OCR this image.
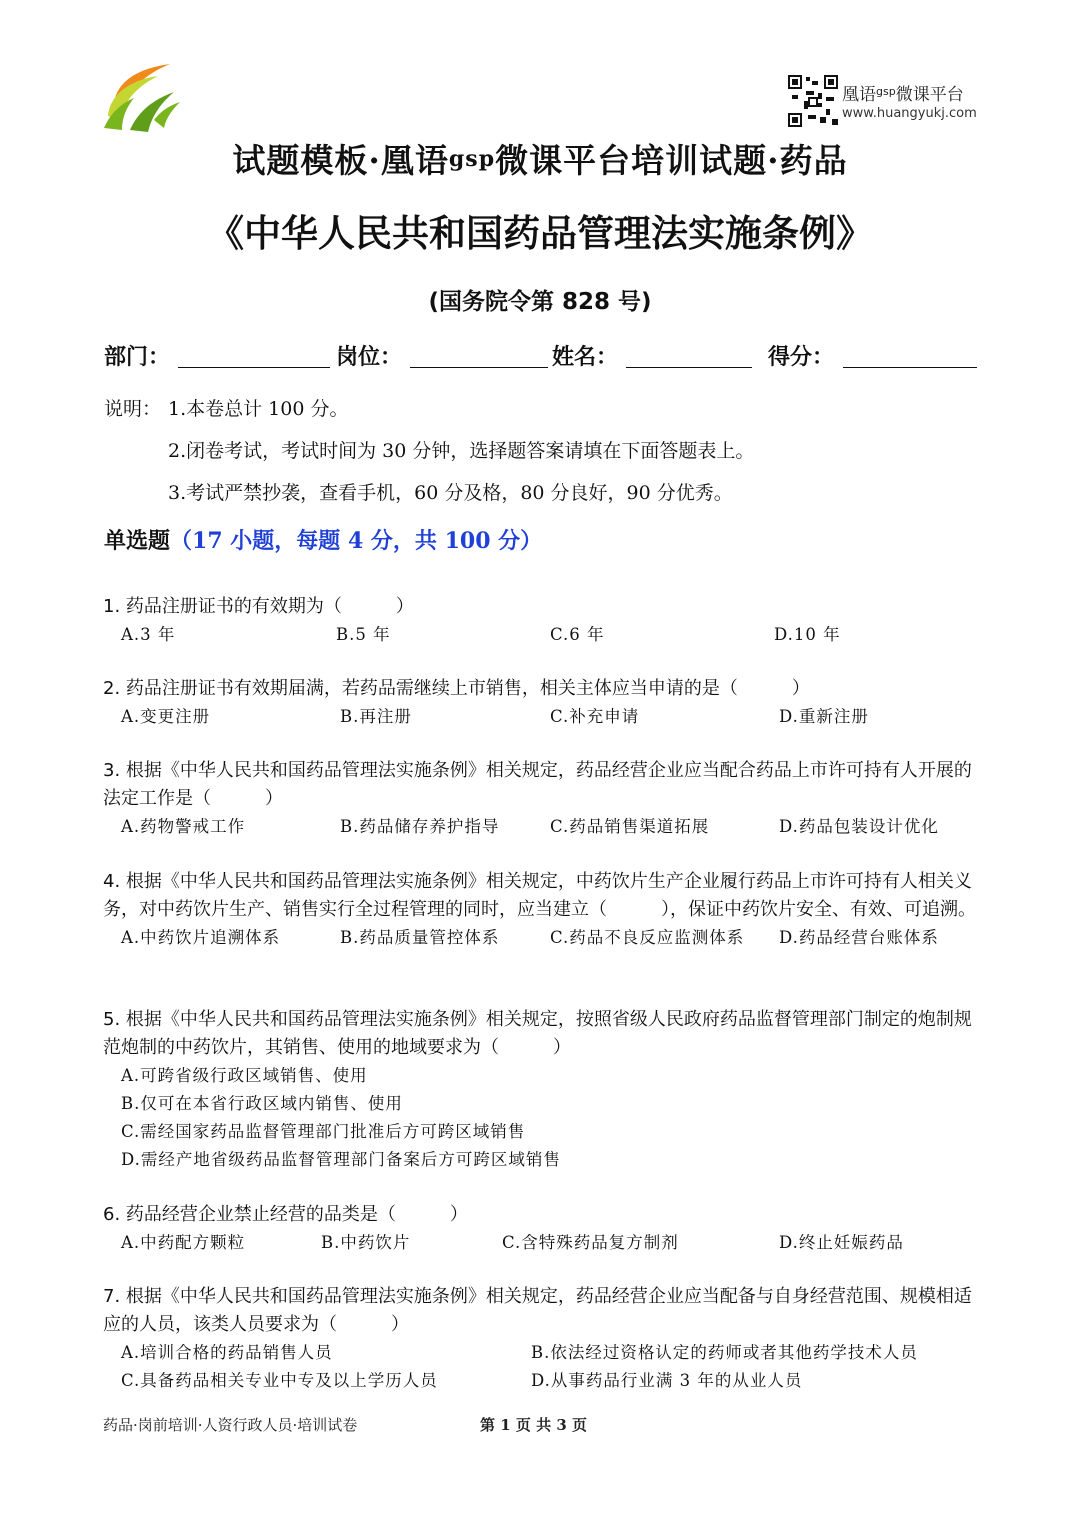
凰语$^{gsp}$微课平台
www.huangyukj.com
试题模板·凰语gsp微课平台培训试题·药品
《中华人民共和国药品管理法实施条例》
(国务院令第 828 号)
部门：	岗位：	姓名：	得分：
说明： 1.本卷总计 100 分。
2.闭卷考试，考试时间为 30 分钟，选择题答案请填在下面答题表上。
3.考试严禁抄袭，查看手机，60 分及格，80 分良好，90 分优秀。
单选题（17 小题，每题 4 分，共 100 分）
1. 药品注册证书的有效期为（　　　）
A.3 年	B.5 年	C.6 年	D.10 年
2. 药品注册证书有效期届满，若药品需继续上市销售，相关主体应当申请的是（　　　）
A.变更注册	B.再注册	C.补充申请	D.重新注册
3. 根据《中华人民共和国药品管理法实施条例》相关规定，药品经营企业应当配合药品上市许可持有人开展的法定工作是（　　　）
A.药物警戒工作	B.药品储存养护指导	C.药品销售渠道拓展	D.药品包装设计优化
4. 根据《中华人民共和国药品管理法实施条例》相关规定，中药饮片生产企业履行药品上市许可持有人相关义务，对中药饮片生产、销售实行全过程管理的同时，应当建立（　　　），保证中药饮片安全、有效、可追溯。
A.中药饮片追溯体系	B.药品质量管控体系	C.药品不良反应监测体系 D.药品经营台账体系
5. 根据《中华人民共和国药品管理法实施条例》相关规定，按照省级人民政府药品监督管理部门制定的炮制规范炮制的中药饮片，其销售、使用的地域要求为（　　　）
A.可跨省级行政区域销售、使用
B.仅可在本省行政区域内销售、使用
C.需经国家药品监督管理部门批准后方可跨区域销售
D.需经产地省级药品监督管理部门备案后方可跨区域销售
6. 药品经营企业禁止经营的品类是（　　　）
A.中药配方颗粒	B.中药饮片	C.含特殊药品复方制剂	D.终止妊娠药品
7. 根据《中华人民共和国药品管理法实施条例》相关规定，药品经营企业应当配备与自身经营范围、规模相适应的人员，该类人员要求为（　　　）
A.培训合格的药品销售人员	B.依法经过资格认定的药师或者其他药学技术人员
C.具备药品相关专业中专及以上学历人员	D.从事药品行业满 3 年的从业人员
药品·岗前培训·人资行政人员·培训试卷	第 1 页 共 3 页
